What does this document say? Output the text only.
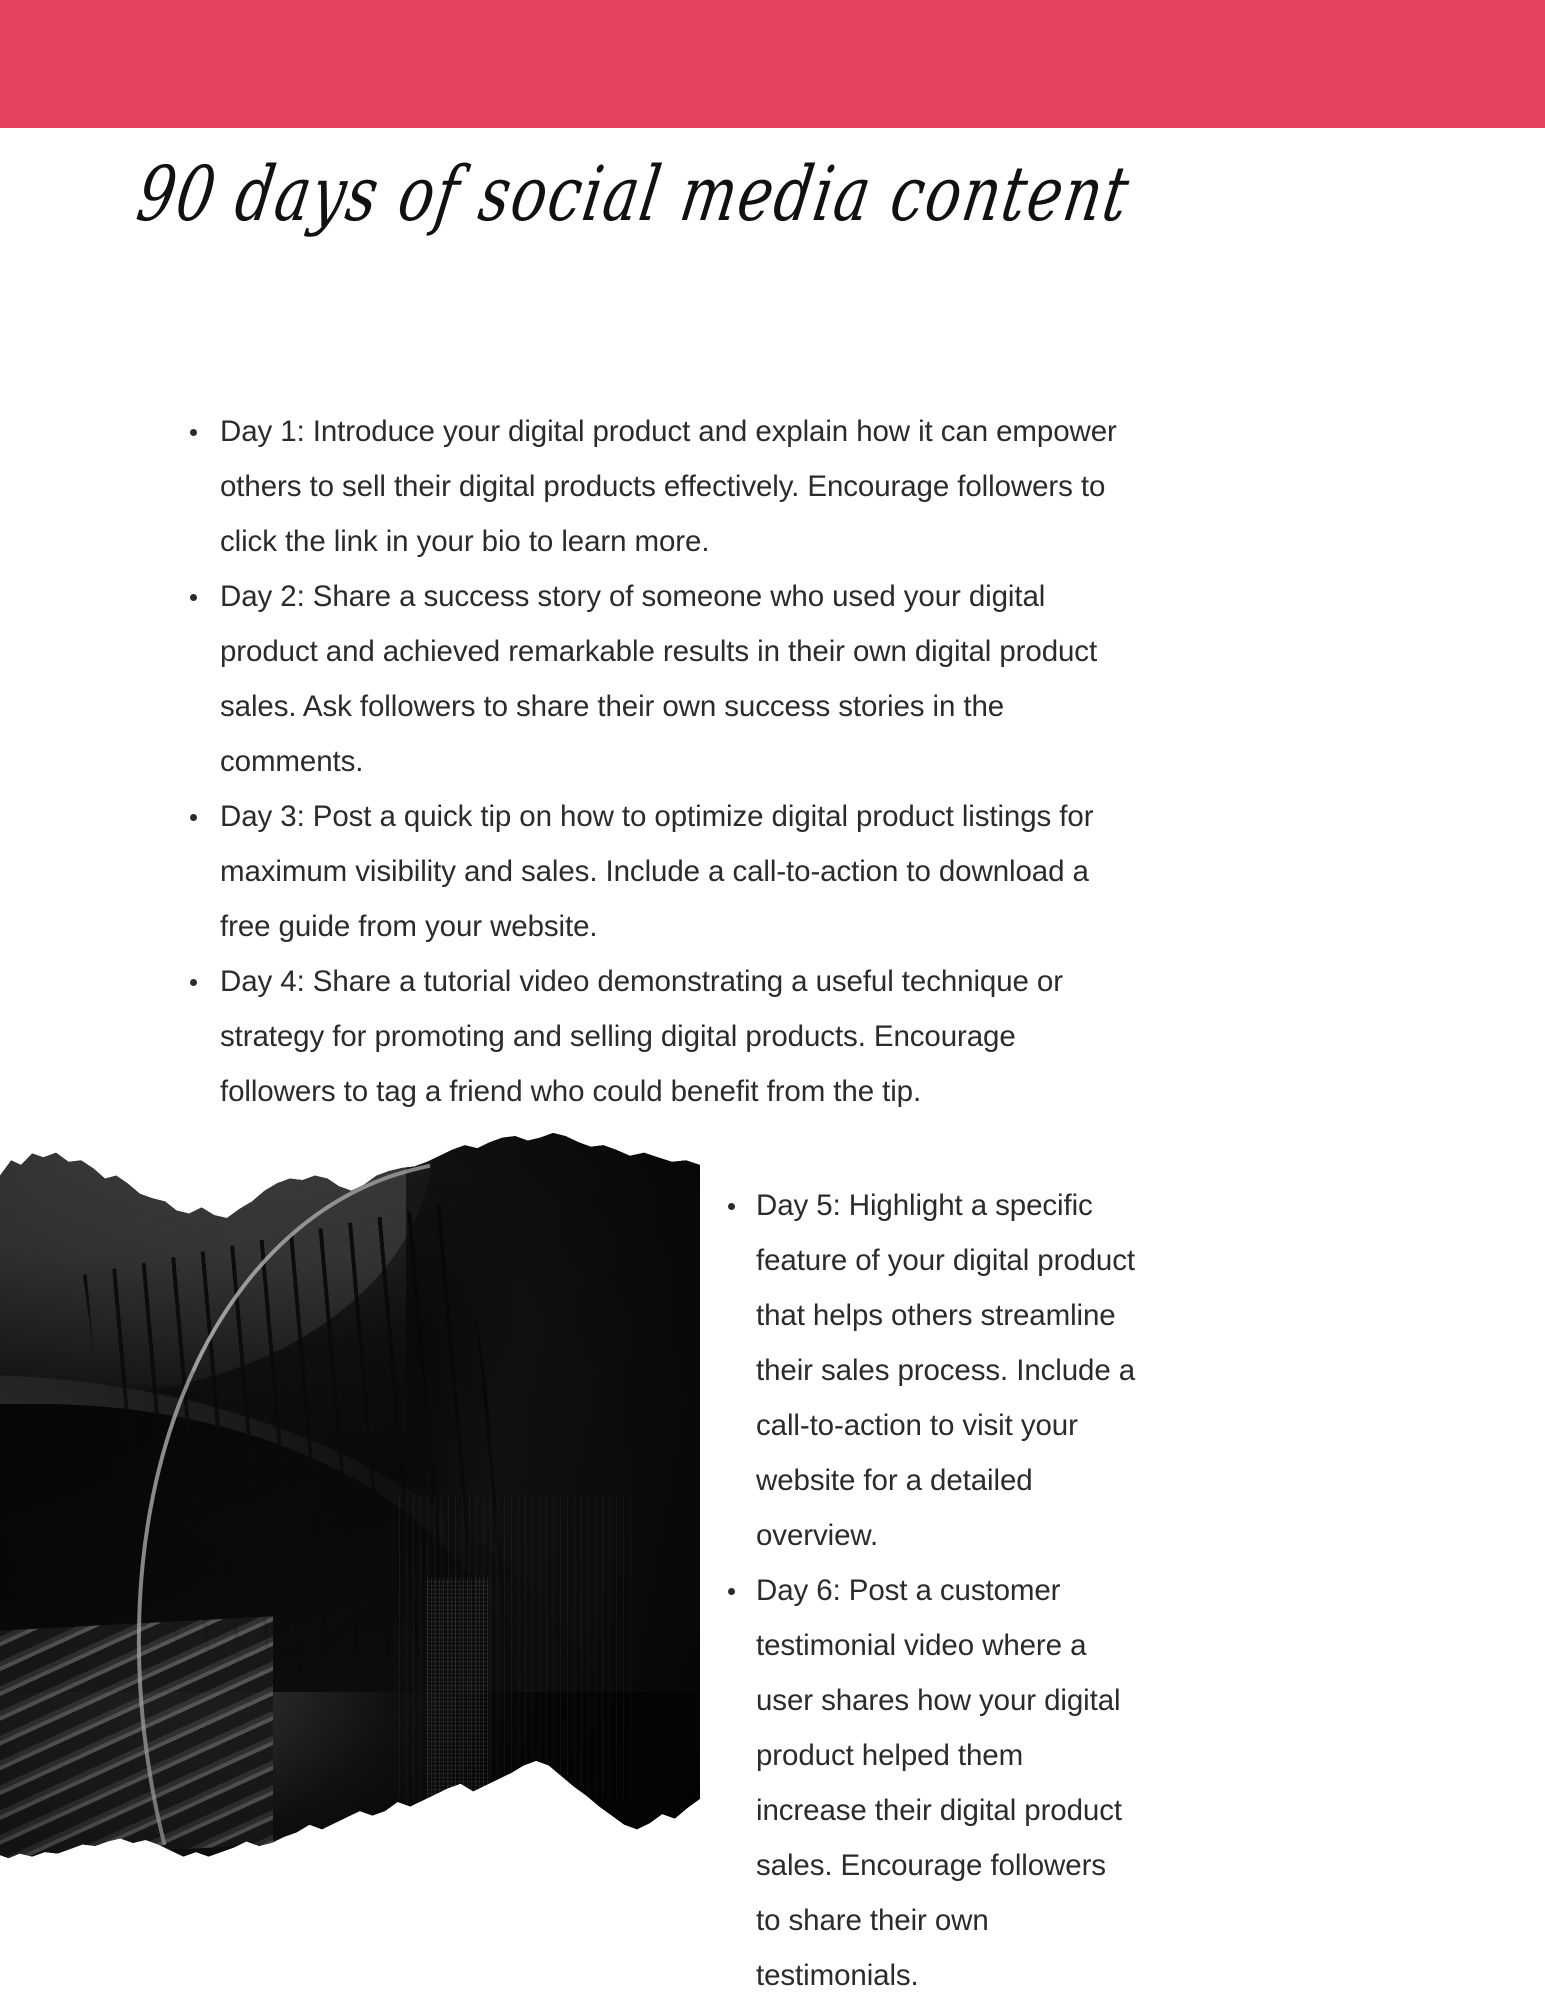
90 days of social media content
Day 1: Introduce your digital product and explain how it can empower others to sell their digital products effectively. Encourage followers to click the link in your bio to learn more.
Day 2: Share a success story of someone who used your digital product and achieved remarkable results in their own digital product sales. Ask followers to share their own success stories in the comments.
Day 3: Post a quick tip on how to optimize digital product listings for maximum visibility and sales. Include a call-to-action to download a free guide from your website.
Day 4: Share a tutorial video demonstrating a useful technique or strategy for promoting and selling digital products. Encourage followers to tag a friend who could benefit from the tip.
Day 5: Highlight a specific feature of your digital product that helps others streamline their sales process. Include a call-to-action to visit your website for a detailed overview.
Day 6: Post a customer testimonial video where a user shares how your digital product helped them increase their digital product sales. Encourage followers to share their own testimonials.
